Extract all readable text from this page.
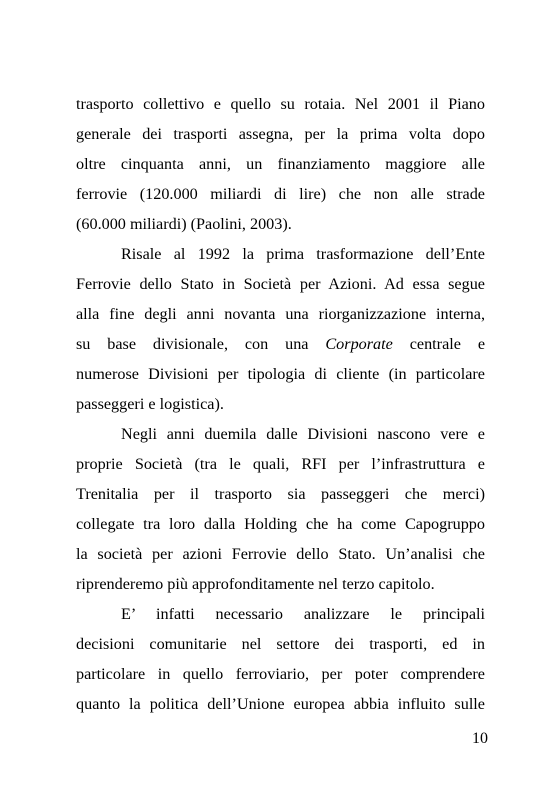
trasporto collettivo e quello su rotaia. Nel 2001 il Piano
generale dei trasporti assegna, per la prima volta dopo
oltre cinquanta anni, un finanziamento maggiore alle
ferrovie (120.000 miliardi di lire) che non alle strade
(60.000 miliardi) (Paolini, 2003).
Risale al 1992 la prima trasformazione dell’Ente
Ferrovie dello Stato in Società per Azioni. Ad essa segue
alla fine degli anni novanta una riorganizzazione interna,
su base divisionale, con una Corporate centrale e
numerose Divisioni per tipologia di cliente (in particolare
passeggeri e logistica).
Negli anni duemila dalle Divisioni nascono vere e
proprie Società (tra le quali, RFI per l’infrastruttura e
Trenitalia per il trasporto sia passeggeri che merci)
collegate tra loro dalla Holding che ha come Capogruppo
la società per azioni Ferrovie dello Stato. Un’analisi che
riprenderemo più approfonditamente nel terzo capitolo.
E’ infatti necessario analizzare le principali
decisioni comunitarie nel settore dei trasporti, ed in
particolare in quello ferroviario, per poter comprendere
quanto la politica dell’Unione europea abbia influito sulle
10
